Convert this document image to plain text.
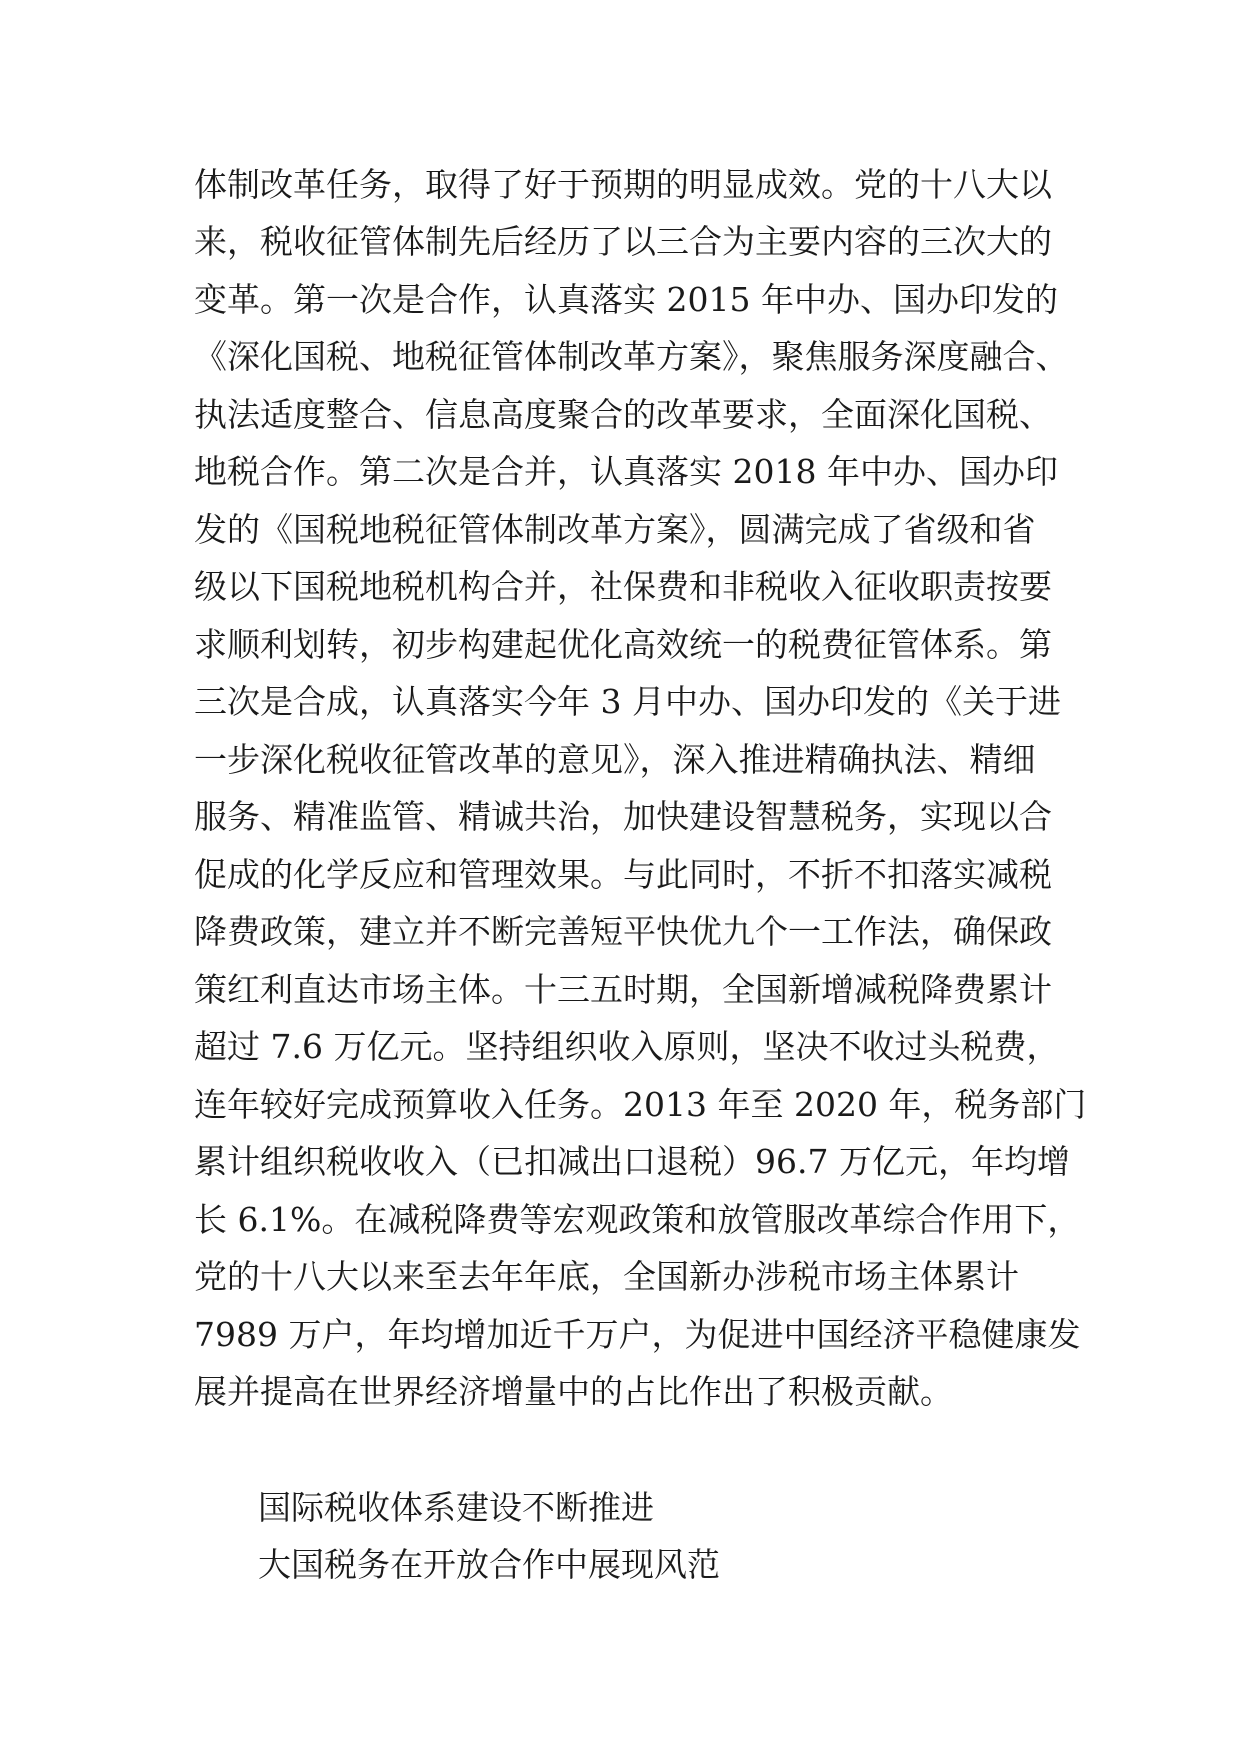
体制改革任务，取得了好于预期的明显成效。党的十八大以
来，税收征管体制先后经历了以三合为主要内容的三次大的
变革。第一次是合作，认真落实 2015 年中办、国办印发的
《深化国税、地税征管体制改革方案》，聚焦服务深度融合、
执法适度整合、信息高度聚合的改革要求，全面深化国税、
地税合作。第二次是合并，认真落实 2018 年中办、国办印
发的《国税地税征管体制改革方案》，圆满完成了省级和省
级以下国税地税机构合并，社保费和非税收入征收职责按要
求顺利划转，初步构建起优化高效统一的税费征管体系。第
三次是合成，认真落实今年 3 月中办、国办印发的《关于进
一步深化税收征管改革的意见》，深入推进精确执法、精细
服务、精准监管、精诚共治，加快建设智慧税务，实现以合
促成的化学反应和管理效果。与此同时，不折不扣落实减税
降费政策，建立并不断完善短平快优九个一工作法，确保政
策红利直达市场主体。十三五时期，全国新增减税降费累计
超过 7.6 万亿元。坚持组织收入原则，坚决不收过头税费，
连年较好完成预算收入任务。2013 年至 2020 年，税务部门
累计组织税收收入（已扣减出口退税）96.7 万亿元，年均增
长 6.1%。在减税降费等宏观政策和放管服改革综合作用下，
党的十八大以来至去年年底，全国新办涉税市场主体累计
7989 万户，年均增加近千万户，为促进中国经济平稳健康发
展并提高在世界经济增量中的占比作出了积极贡献。
国际税收体系建设不断推进
大国税务在开放合作中展现风范
